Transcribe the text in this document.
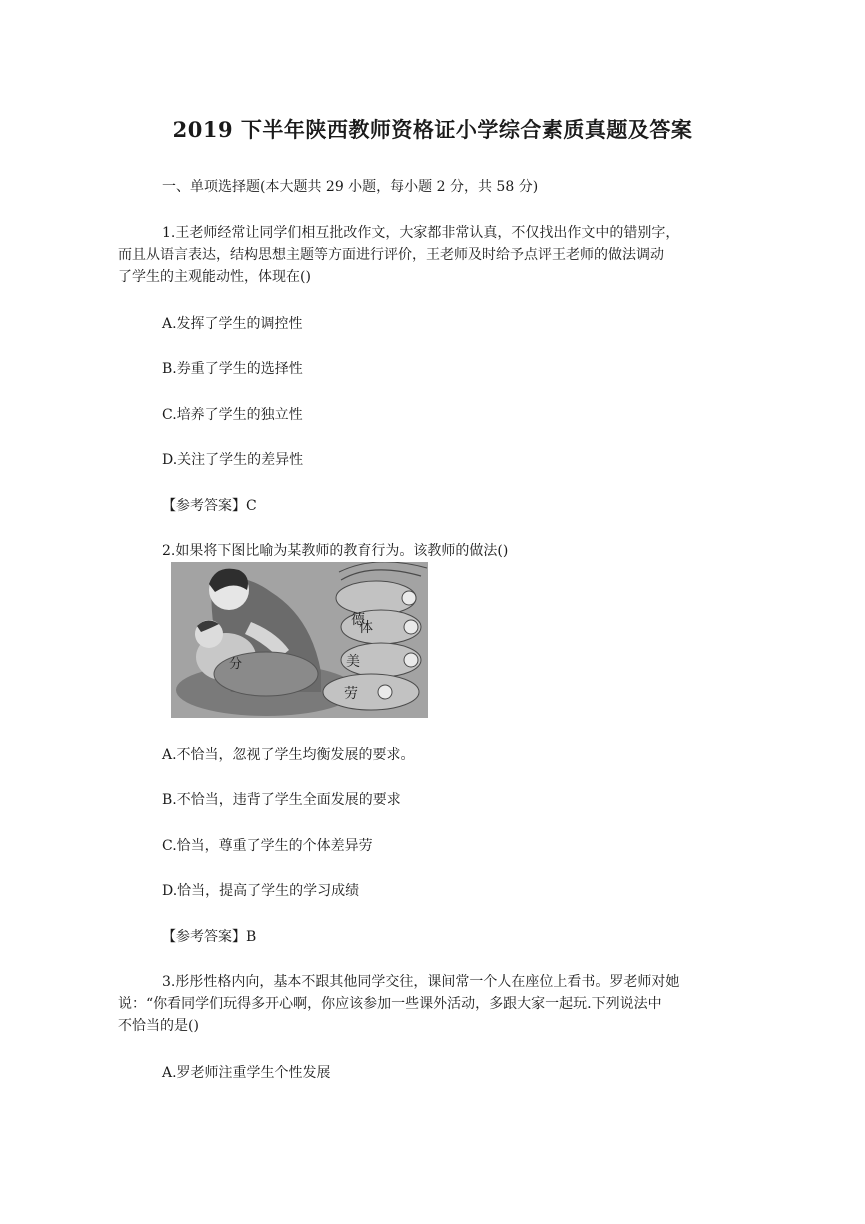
2019 下半年陕西教师资格证小学综合素质真题及答案
一、单项选择题(本大题共 29 小题，每小题 2 分，共 58 分)
1.王老师经常让同学们相互批改作文，大家都非常认真，不仅找出作文中的错别字，
而且从语言表达，结构思想主题等方面进行评价，王老师及时给予点评王老师的做法调动
了学生的主观能动性，体现在()
A.发挥了学生的调控性
B.券重了学生的选择性
C.培养了学生的独立性
D.关注了学生的差异性
【参考答案】C
2.如果将下图比喻为某教师的教育行为。该教师的做法()
德
体
美
劳
分
A.不恰当，忽视了学生均衡发展的要求。
B.不恰当，违背了学生全面发展的要求
C.恰当，尊重了学生的个体差异劳
D.恰当，提高了学生的学习成绩
【参考答案】B
3.彤彤性格内向，基本不跟其他同学交往，课间常一个人在座位上看书。罗老师对她
说：“你看同学们玩得多开心啊，你应该参加一些课外活动，多跟大家一起玩.下列说法中
不恰当的是()
A.罗老师注重学生个性发展
